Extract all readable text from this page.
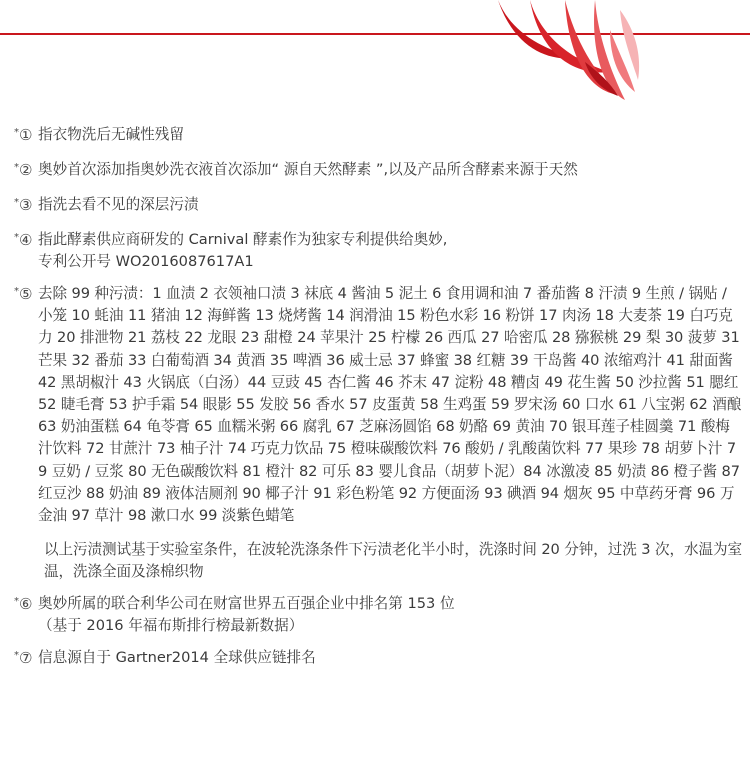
*① 指衣物洗后无碱性残留
*② 奥妙首次添加指奥妙洗衣液首次添加“ 源自天然酵素 ”,以及产品所含酵素来源于天然
*③ 指洗去看不见的深层污渍
*④ 指此酵素供应商研发的 Carnival 酵素作为独家专利提供给奥妙,
专利公开号 WO2016087617A1
*⑤ 去除 99 种污渍：1 血渍 2 衣领袖口渍 3 袜底 4 酱油 5 泥土 6 食用调和油 7 番茄酱 8 汗渍 9 生煎 / 锅贴 / 小笼 10 蚝油 11 猪油 12 海鲜酱 13 烧烤酱 14 润滑油 15 粉色水彩 16 粉饼 17 肉汤 18 大麦茶 19 白巧克力 20 排泄物 21 荔枝 22 龙眼 23 甜橙 24 苹果汁 25 柠檬 26 西瓜 27 哈密瓜 28 猕猴桃 29 梨 30 菠萝 31 芒果 32 番茄 33 白葡萄酒 34 黄酒 35 啤酒 36 威士忌 37 蜂蜜 38 红糖 39 干岛酱 40 浓缩鸡汁 41 甜面酱 42 黑胡椒汁 43 火锅底（白汤）44 豆豉 45 杏仁酱 46 芥末 47 淀粉 48 糟卤 49 花生酱 50 沙拉酱 51 腮红 52 睫毛膏 53 护手霜 54 眼影 55 发胶 56 香水 57 皮蛋黄 58 生鸡蛋 59 罗宋汤 60 口水 61 八宝粥 62 酒酿 63 奶油蛋糕 64 龟苓膏 65 血糯米粥 66 腐乳 67 芝麻汤圆馅 68 奶酪 69 黄油 70 银耳莲子桂圆羹 71 酸梅汁饮料 72 甘蔗汁 73 柚子汁 74 巧克力饮品 75 橙味碳酸饮料 76 酸奶 / 乳酸菌饮料 77 果珍 78 胡萝卜汁 79 豆奶 / 豆浆 80 无色碳酸饮料 81 橙汁 82 可乐 83 婴儿食品（胡萝卜泥）84 冰激凌 85 奶渍 86 橙子酱 87 红豆沙 88 奶油 89 液体洁厕剂 90 椰子汁 91 彩色粉笔 92 方便面汤 93 碘酒 94 烟灰 95 中草药牙膏 96 万金油 97 草汁 98 漱口水 99 淡紫色蜡笔
以上污渍测试基于实验室条件，在波轮洗涤条件下污渍老化半小时，洗涤时间 20 分钟，过洗 3 次，水温为室温，洗涤全面及涤棉织物
*⑥ 奥妙所属的联合利华公司在财富世界五百强企业中排名第 153 位
（基于 2016 年福布斯排行榜最新数据）
*⑦ 信息源自于 Gartner2014 全球供应链排名
